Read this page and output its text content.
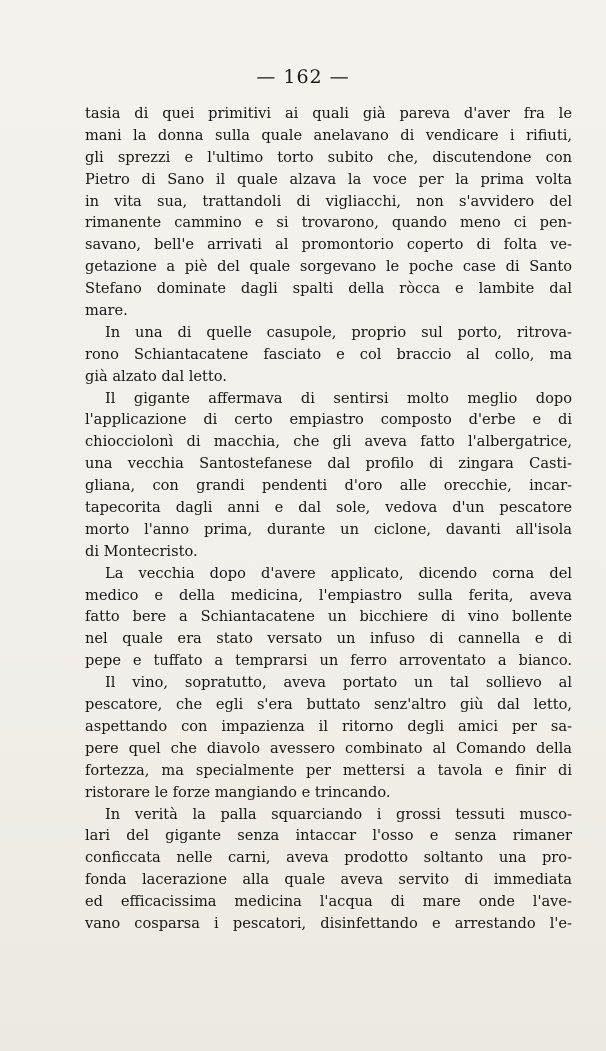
— 162 —
tasia di quei primitivi ai quali già pareva d'aver fra le
mani la donna sulla quale anelavano di vendicare i rifiuti,
gli sprezzi e l'ultimo torto subito che, discutendone con
Pietro di Sano il quale alzava la voce per la prima volta
in vita sua, trattandoli di vigliacchi, non s'avvidero del
rimanente cammino e si trovarono, quando meno ci pen-
savano, bell'e arrivati al promontorio coperto di folta ve-
getazione a piè del quale sorgevano le poche case di Santo
Stefano dominate dagli spalti della ròcca e lambite dal
mare.
In una di quelle casupole, proprio sul porto, ritrova-
rono Schiantacatene fasciato e col braccio al collo, ma
già alzato dal letto.
Il gigante affermava di sentirsi molto meglio dopo
l'applicazione di certo empiastro composto d'erbe e di
chiocciolonì di macchia, che gli aveva fatto l'albergatrice,
una vecchia Santostefanese dal profilo di zingara Casti-
gliana, con grandi pendenti d'oro alle orecchie, incar-
tapecorita dagli anni e dal sole, vedova d'un pescatore
morto l'anno prima, durante un ciclone, davanti all'isola
di Montecristo.
La vecchia dopo d'avere applicato, dicendo corna del
medico e della medicina, l'empiastro sulla ferita, aveva
fatto bere a Schiantacatene un bicchiere di vino bollente
nel quale era stato versato un infuso di cannella e di
pepe e tuffato a temprarsi un ferro arroventato a bianco.
Il vino, sopratutto, aveva portato un tal sollievo al
pescatore, che egli s'era buttato senz'altro giù dal letto,
aspettando con impazienza il ritorno degli amici per sa-
pere quel che diavolo avessero combinato al Comando della
fortezza, ma specialmente per mettersi a tavola e finir di
ristorare le forze mangiando e trincando.
In verità la palla squarciando i grossi tessuti musco-
lari del gigante senza intaccar l'osso e senza rimaner
conficcata nelle carni, aveva prodotto soltanto una pro-
fonda lacerazione alla quale aveva servito di immediata
ed efficacissima medicina l'acqua di mare onde l'ave-
vano cosparsa i pescatori, disinfettando e arrestando l'e-
